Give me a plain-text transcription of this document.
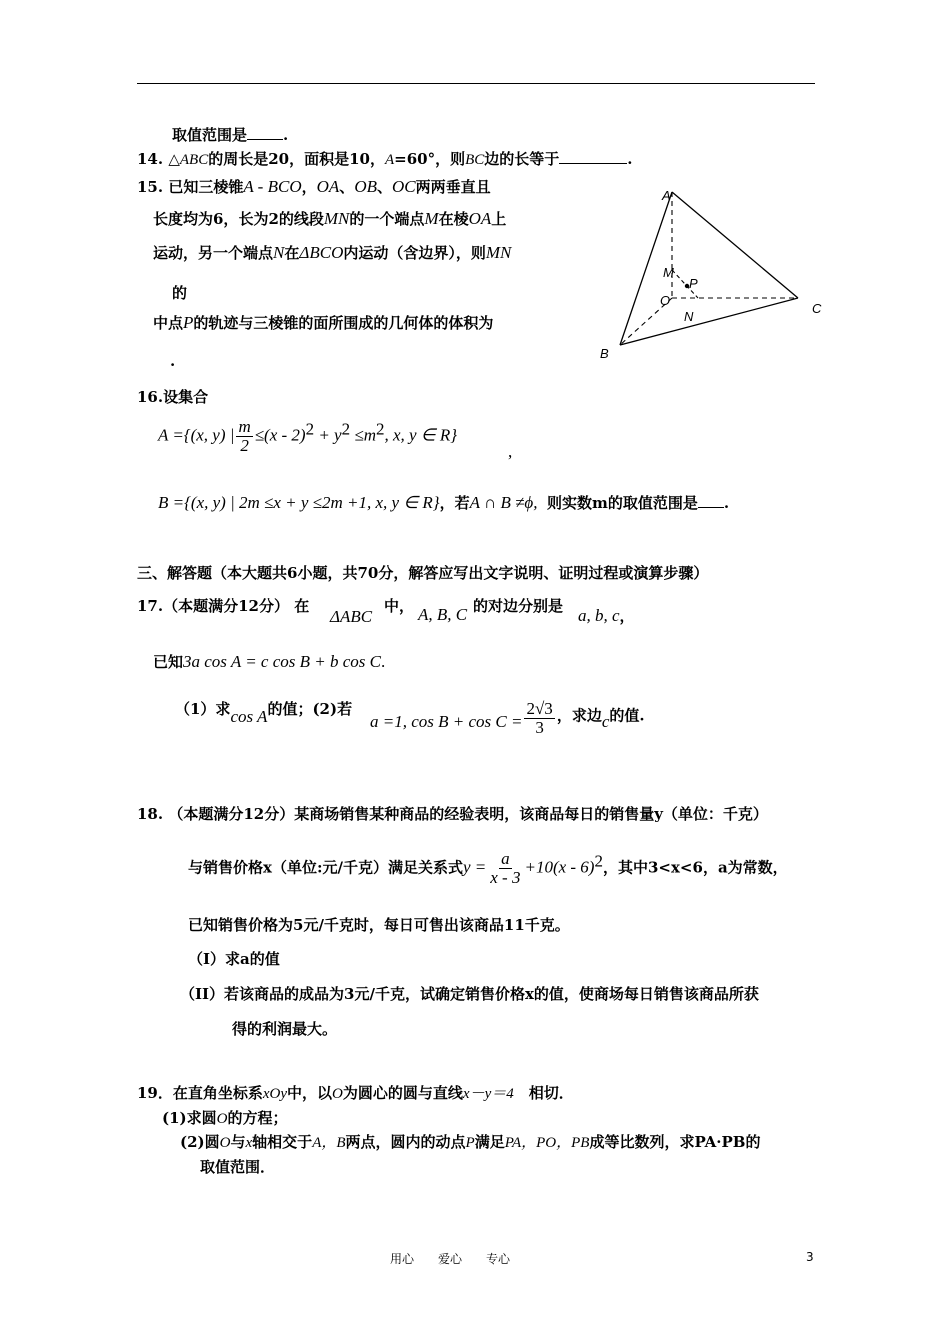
取值范围是 .
14. △ABC的周长是20，面积是10，A=60°，则BC边的长等于	.
15. 已知三棱锥A - BCO，OA、OB、OC两两垂直且
长度均为6，长为2的线段MN的一个端点M在棱OA上
运动，另一个端点N在ΔBCO内运动（含边界），则MN
的
中点P的轨迹与三棱锥的面所围成的几何体的体积为
.
A
B
C
O
M
N
P
16.设集合
A ={(x, y) | $\frac{m}{2} \le(x - 2)^2 + y^2 \le m^2$, x, y ∈ R}
,
B ={(x, y) | 2m ≤x + y ≤2m +1, x, y ∈ R}，若A ∩ B ≠ϕ, 则实数m的取值范围是 .
三、解答题（本大题共6小题，共70分，解答应写出文字说明、证明过程或演算步骤）
17.（本题满分12分） 在
ΔABC
中， A, B, C 的对边分别是 a, b, c，
已知3a cos A = c cos B + b cos C.
（1）求cos A的值；(2)若
a =1, $\cos B + \cos C = \frac{2√3}{3}$ ，求边c的值.
18. （本题满分12分）某商场销售某种商品的经验表明，该商品每日的销售量y（单位：千克）
与销售价格x（单位:元/千克）满足关系式$y = \frac{a}{x - 3} +10(x - 6)^2$，其中3<x<6，a为常数，
已知销售价格为5元/千克时，每日可售出该商品11千克。
（I）求a的值
（II）若该商品的成品为3元/千克，试确定销售价格x的值，使商场每日销售该商品所获
得的利润最大。
19．在直角坐标系xOy中，以O为圆心的圆与直线x－y＝4　相切．
(1)求圆O的方程；
(2)圆O与x轴相交于A，B两点，圆内的动点P满足PA，PO，PB成等比数列，求PA·PB的
取值范围．
用心　　爱心　　专心	3
